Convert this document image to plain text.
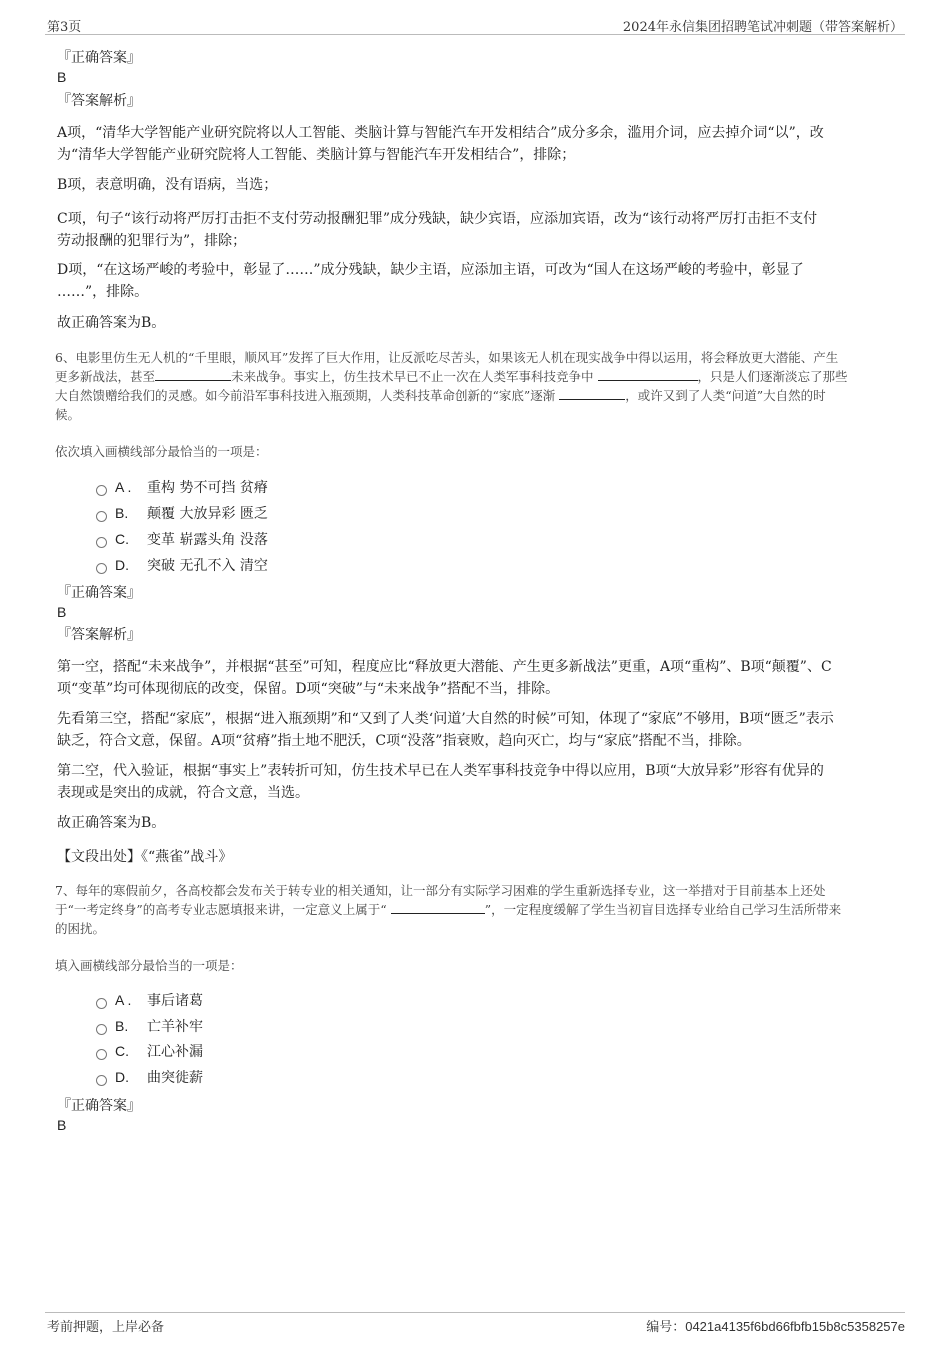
第3页	2024年永信集团招聘笔试冲刺题（带答案解析）
『正确答案』
B
『答案解析』
A项，“清华大学智能产业研究院将以人工智能、类脑计算与智能汽车开发相结合”成分多余，滥用介词，应去掉介词“以”，改
为“清华大学智能产业研究院将人工智能、类脑计算与智能汽车开发相结合”，排除；
B项，表意明确，没有语病，当选；
C项，句子“该行动将严厉打击拒不支付劳动报酬犯罪”成分残缺，缺少宾语，应添加宾语，改为“该行动将严厉打击拒不支付
劳动报酬的犯罪行为”，排除；
D项，“在这场严峻的考验中，彰显了……”成分残缺，缺少主语，应添加主语，可改为“国人在这场严峻的考验中，彰显了
……”，排除。
故正确答案为B。
6、电影里仿生无人机的“千里眼，顺风耳”发挥了巨大作用，让反派吃尽苦头，如果该无人机在现实战争中得以运用，将会释放更大潜能、产生
更多新战法，甚至	未来战争。事实上，仿生技术早已不止一次在人类军事科技竞争中	，只是人们逐渐淡忘了那些
大自然馈赠给我们的灵感。如今前沿军事科技进入瓶颈期，人类科技革命创新的“家底”逐渐	，或许又到了人类“问道”大自然的时
候。
依次填入画横线部分最恰当的一项是：
A . 重构 势不可挡 贫瘠
B. 颠覆 大放异彩 匮乏
C. 变革 崭露头角 没落
D. 突破 无孔不入 清空
『正确答案』
B
『答案解析』
第一空，搭配“未来战争”，并根据“甚至”可知，程度应比“释放更大潜能、产生更多新战法”更重，A项“重构”、B项“颠覆”、C
项“变革”均可体现彻底的改变，保留。D项“突破”与“未来战争”搭配不当，排除。
先看第三空，搭配“家底”，根据“进入瓶颈期”和“又到了人类‘问道’大自然的时候”可知，体现了“家底”不够用，B项“匮乏”表示
缺乏，符合文意，保留。A项“贫瘠”指土地不肥沃，C项“没落”指衰败，趋向灭亡，均与“家底”搭配不当，排除。
第二空，代入验证，根据“事实上”表转折可知，仿生技术早已在人类军事科技竞争中得以应用，B项“大放异彩”形容有优异的
表现或是突出的成就，符合文意，当选。
故正确答案为B。
【文段出处】《“燕雀”战斗》
7、每年的寒假前夕，各高校都会发布关于转专业的相关通知，让一部分有实际学习困难的学生重新选择专业，这一举措对于目前基本上还处
于“一考定终身”的高考专业志愿填报来讲，一定意义上属于“	”，一定程度缓解了学生当初盲目选择专业给自己学习生活所带来
的困扰。
填入画横线部分最恰当的一项是：
A . 事后诸葛
B. 亡羊补牢
C. 江心补漏
D. 曲突徙薪
『正确答案』
B
考前押题，上岸必备	编号：0421a4135f6bd66fbfb15b8c5358257e
